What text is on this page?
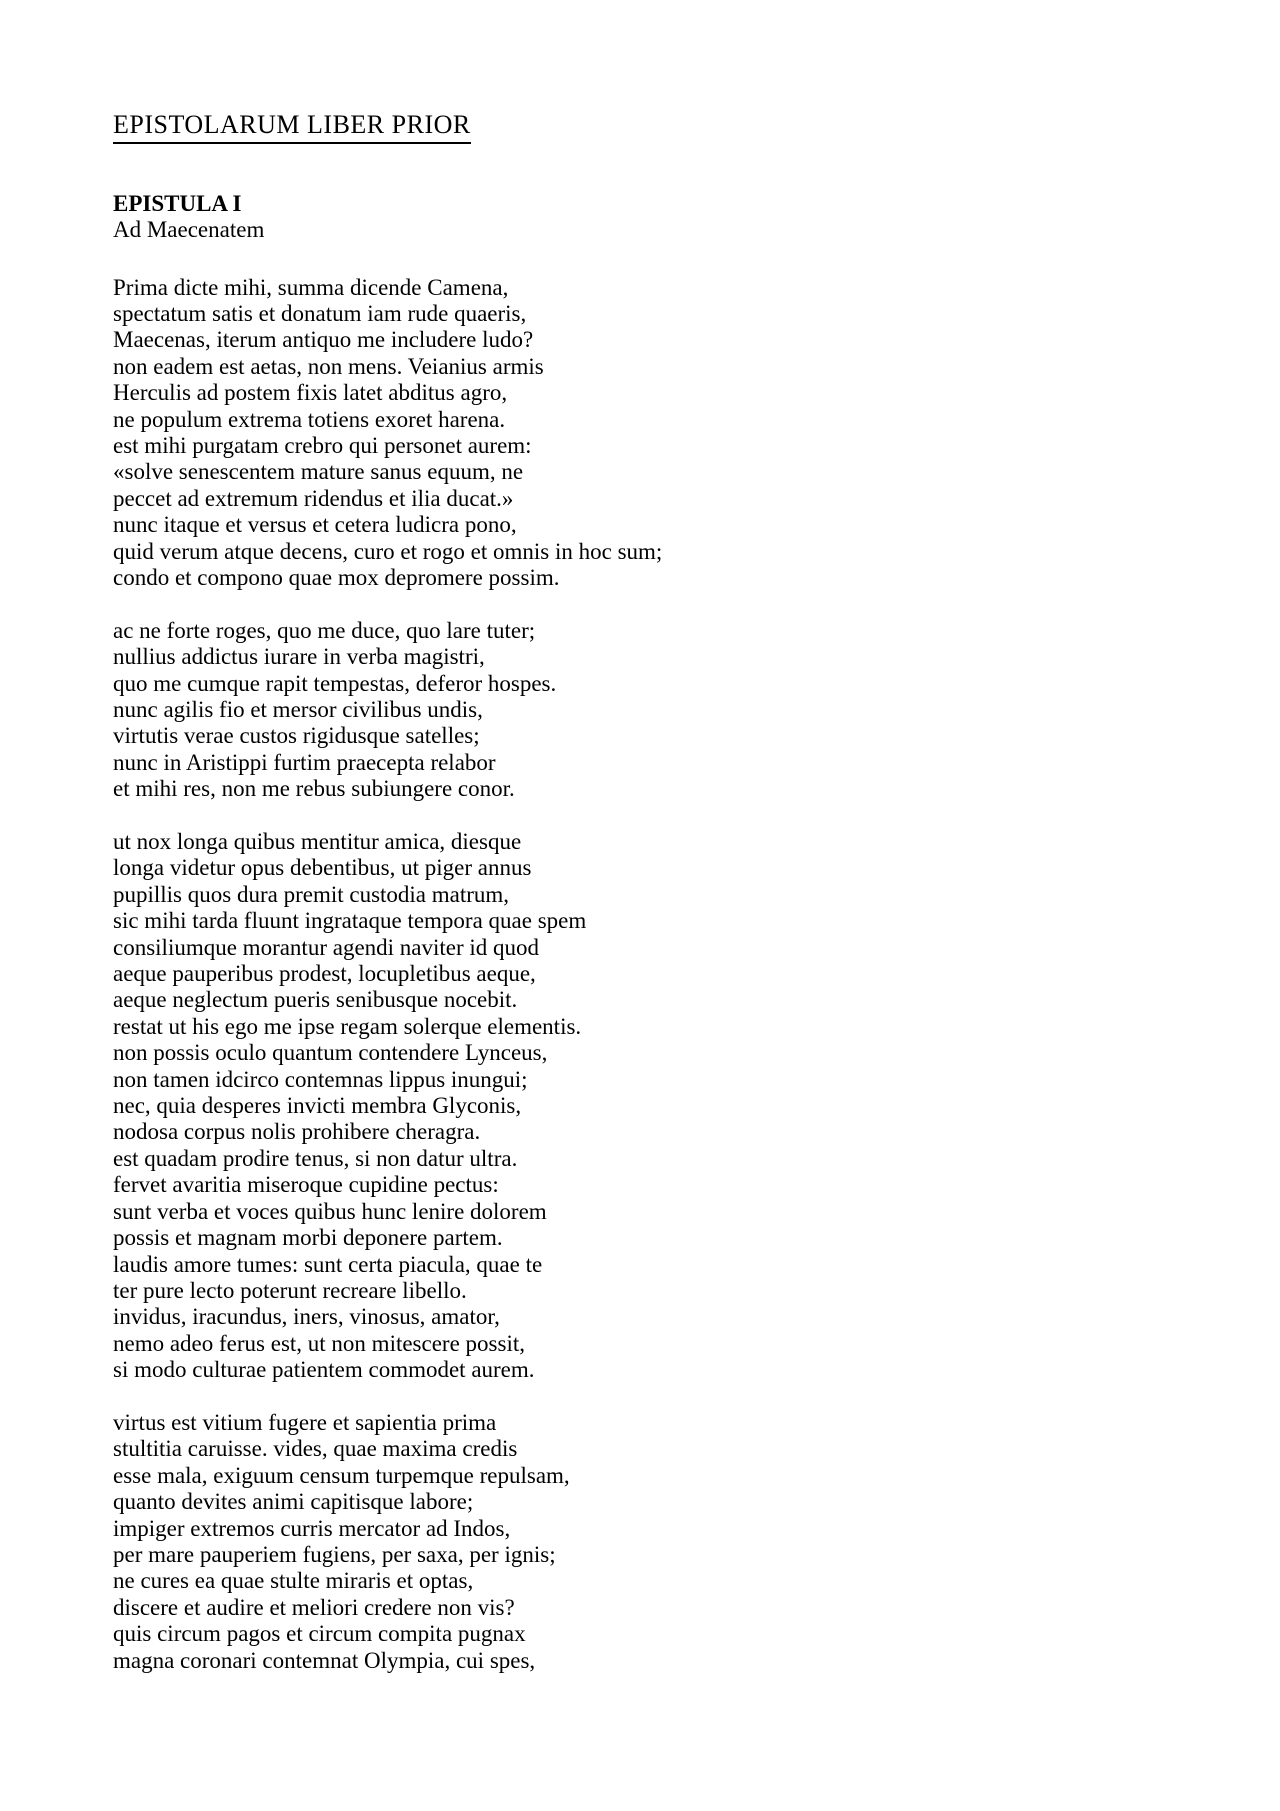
EPISTOLARUM LIBER PRIOR
EPISTULA I
Ad Maecenatem
Prima dicte mihi, summa dicende Camena,
spectatum satis et donatum iam rude quaeris,
Maecenas, iterum antiquo me includere ludo?
non eadem est aetas, non mens. Veianius armis
Herculis ad postem fixis latet abditus agro,
ne populum extrema totiens exoret harena.
est mihi purgatam crebro qui personet aurem:
«solve senescentem mature sanus equum, ne
peccet ad extremum ridendus et ilia ducat.»
nunc itaque et versus et cetera ludicra pono,
quid verum atque decens, curo et rogo et omnis in hoc sum;
condo et compono quae mox depromere possim.
ac ne forte roges, quo me duce, quo lare tuter;
nullius addictus iurare in verba magistri,
quo me cumque rapit tempestas, deferor hospes.
nunc agilis fio et mersor civilibus undis,
virtutis verae custos rigidusque satelles;
nunc in Aristippi furtim praecepta relabor
et mihi res, non me rebus subiungere conor.
ut nox longa quibus mentitur amica, diesque
longa videtur opus debentibus, ut piger annus
pupillis quos dura premit custodia matrum,
sic mihi tarda fluunt ingrataque tempora quae spem
consiliumque morantur agendi naviter id quod
aeque pauperibus prodest, locupletibus aeque,
aeque neglectum pueris senibusque nocebit.
restat ut his ego me ipse regam solerque elementis.
non possis oculo quantum contendere Lynceus,
non tamen idcirco contemnas lippus inungui;
nec, quia desperes invicti membra Glyconis,
nodosa corpus nolis prohibere cheragra.
est quadam prodire tenus, si non datur ultra.
fervet avaritia miseroque cupidine pectus:
sunt verba et voces quibus hunc lenire dolorem
possis et magnam morbi deponere partem.
laudis amore tumes: sunt certa piacula, quae te
ter pure lecto poterunt recreare libello.
invidus, iracundus, iners, vinosus, amator,
nemo adeo ferus est, ut non mitescere possit,
si modo culturae patientem commodet aurem.
virtus est vitium fugere et sapientia prima
stultitia caruisse. vides, quae maxima credis
esse mala, exiguum censum turpemque repulsam,
quanto devites animi capitisque labore;
impiger extremos curris mercator ad Indos,
per mare pauperiem fugiens, per saxa, per ignis;
ne cures ea quae stulte miraris et optas,
discere et audire et meliori credere non vis?
quis circum pagos et circum compita pugnax
magna coronari contemnat Olympia, cui spes,
